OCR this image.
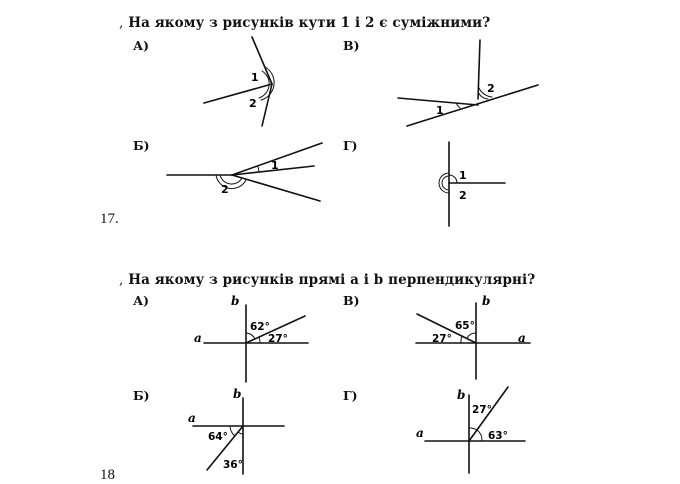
, На якому з рисунків кути 1 і 2 є суміжними?
А)	В)
Б)	Г)
17.
, На якому з рисунків прямі a і b перпендикулярні?
А)	В)
Б)	Г)
18
1
2
2
1
1
2
1
2
b
a
62°
27°
b
a
65°
27°
b
a
64°
36°
b
a
27°
63°
